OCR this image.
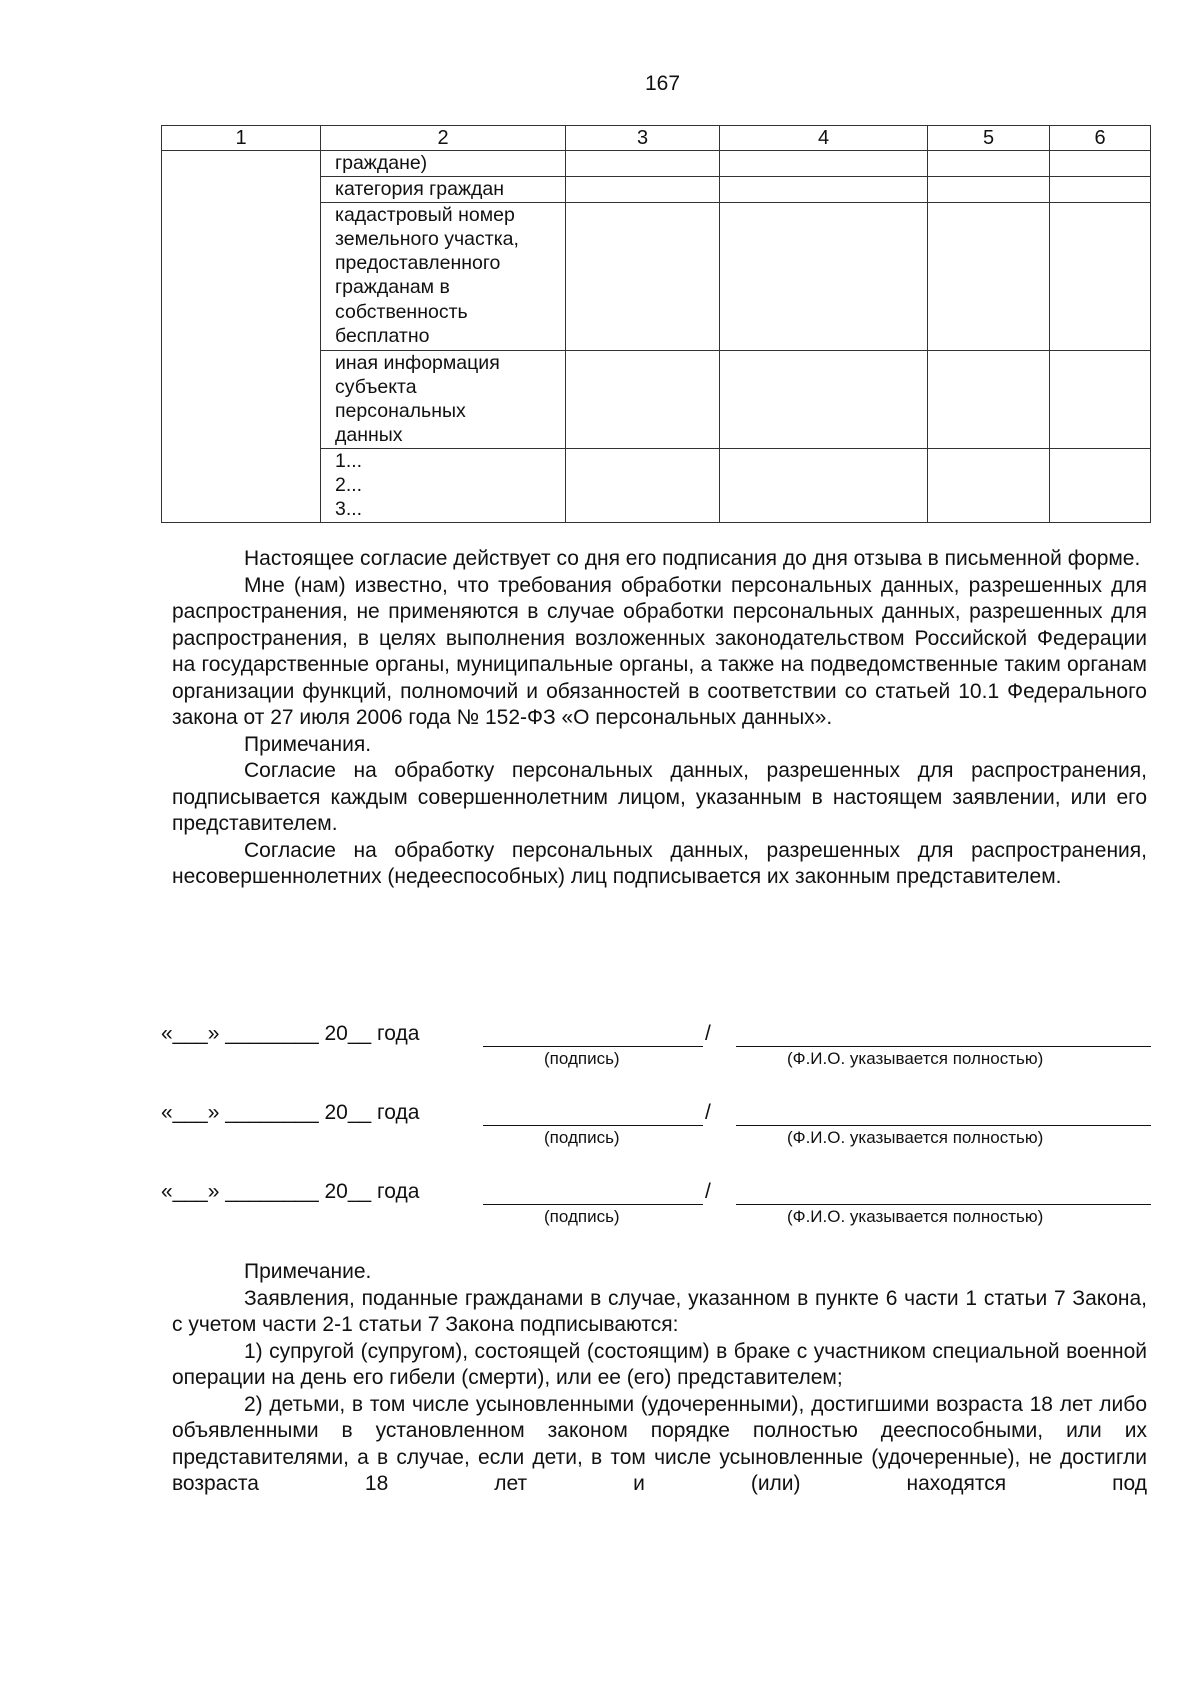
167
1	2	3	4	5	6
	граждане)				
	категория граждан				
	кадастровый номер земельного участка, предоставленного гражданам в собственность бесплатно				
	иная информация субъекта персональных данных				

	1...
2...
3...				

Настоящее согласие действует со дня его подписания до дня отзыва в письменной форме.

Мне (нам) известно, что требования обработки персональных данных, разрешенных для распространения, не применяются в случае обработки персональных данных, разрешенных для распространения, в целях выполнения возложенных законодательством Российской Федерации на государственные органы, муниципальные органы, а также на подведомственные таким органам организации функций, полномочий и обязанностей в соответствии со статьей 10.1 Федерального закона от 27 июля 2006 года № 152-ФЗ «О персональных данных».

Примечания.

Согласие на обработку персональных данных, разрешенных для распространения, подписывается каждым совершеннолетним лицом, указанным в настоящем заявлении, или его представителем.

Согласие на обработку персональных данных, разрешенных для распространения, несовершеннолетних (недееспособных) лиц подписывается их законным представителем.

«___» ________ 20__ года	/
(подпись)	(Ф.И.О. указывается полностью)
«___» ________ 20__ года	/
(подпись)	(Ф.И.О. указывается полностью)
«___» ________ 20__ года	/
(подпись)	(Ф.И.О. указывается полностью)

Примечание.

Заявления, поданные гражданами в случае, указанном в пункте 6 части 1 статьи 7 Закона, с учетом части 2-1 статьи 7 Закона подписываются:

1) супругой (супругом), состоящей (состоящим) в браке с участником специальной военной операции на день его гибели (смерти), или ее (его) представителем;

2) детьми, в том числе усыновленными (удочеренными), достигшими возраста 18 лет либо объявленными в установленном законом порядке полностью дееспособными, или их представителями, а в случае, если дети, в том числе усыновленные (удочеренные), не достигли возраста 18 лет и (или) находятся под
